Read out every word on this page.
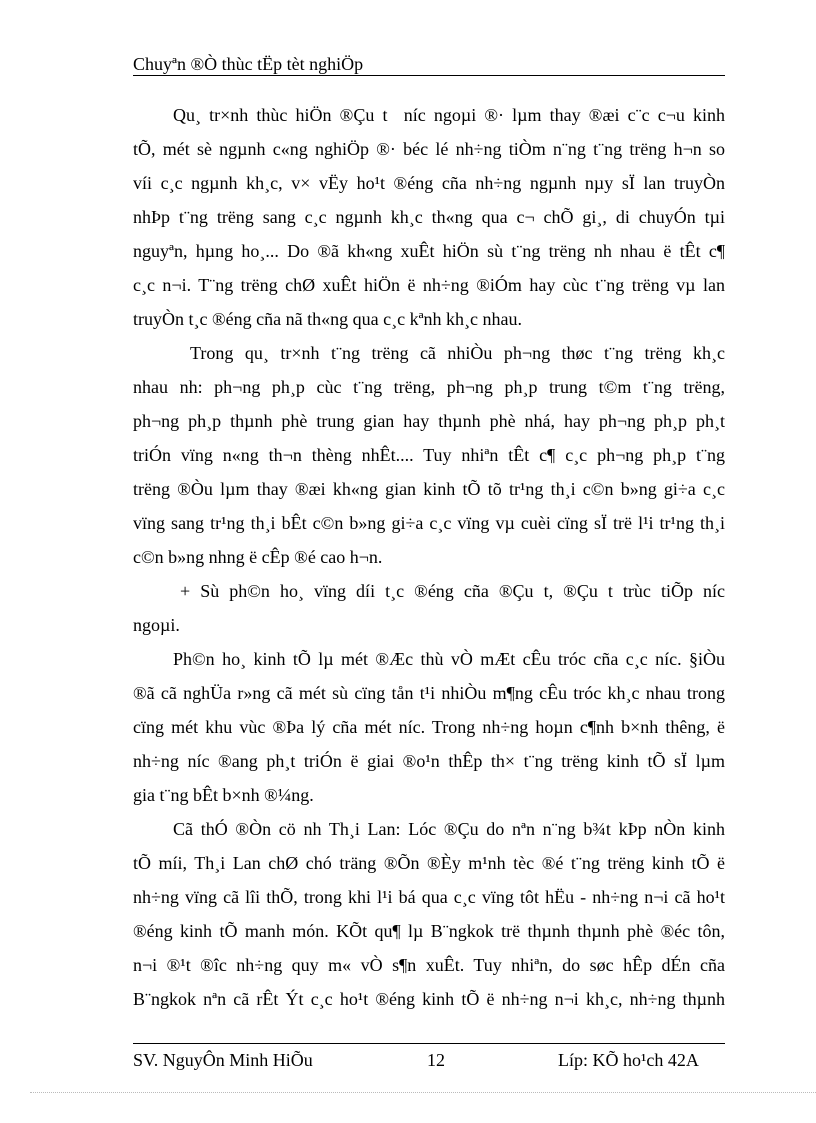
Chuyªn ®Ò thùc tËp tèt nghiÖp
Qu¸ tr×nh thùc hiÖn ®Çu t  níc ngoµi ®· lµm thay ®æi c¨c c¬u kinh
tÕ, mét sè ngµnh c«ng nghiÖp ®· béc lé nh÷ng tiÒm n¨ng t¨ng trëng h¬n so
víi c¸c ngµnh kh¸c, v× vËy ho¹t ®éng cña nh÷ng ngµnh nµy sÏ lan truyÒn
nhÞp t¨ng trëng sang c¸c ngµnh kh¸c th«ng qua c¬ chÕ gi¸, di chuyÓn tµi
nguyªn, hµng ho¸... Do ®ã kh«ng xuÊt hiÖn sù t¨ng trëng nh nhau ë tÊt c¶
c¸c n¬i. T¨ng trëng chØ xuÊt hiÖn ë nh÷ng ®iÓm hay cùc t¨ng trëng vµ lan
truyÒn t¸c ®éng cña nã th«ng qua c¸c kªnh kh¸c nhau.
Trong qu¸ tr×nh t¨ng trëng cã nhiÒu ph¬ng thøc t¨ng trëng kh¸c
nhau nh: ph¬ng ph¸p cùc t¨ng trëng, ph¬ng ph¸p trung t©m t¨ng trëng,
ph¬ng ph¸p thµnh phè trung gian hay thµnh phè nhá, hay ph¬ng ph¸p ph¸t
triÓn vïng n«ng th¬n thèng nhÊt.... Tuy nhiªn tÊt c¶ c¸c ph¬ng ph¸p t¨ng
trëng ®Òu lµm thay ®æi kh«ng gian kinh tÕ tõ tr¹ng th¸i c©n b»ng gi÷a c¸c
vïng sang tr¹ng th¸i bÊt c©n b»ng gi÷a c¸c vïng vµ cuèi cïng sÏ trë l¹i tr¹ng th¸i
c©n b»ng nhng ë cÊp ®é cao h¬n.
+ Sù ph©n ho¸ vïng díi t¸c ®éng cña ®Çu t, ®Çu t trùc tiÕp níc
ngoµi.
Ph©n ho¸ kinh tÕ lµ mét ®Æc thù vÒ mÆt cÊu tróc cña c¸c níc. §iÒu
®ã cã nghÜa r»ng cã mét sù cïng tån t¹i nhiÒu m¶ng cÊu tróc kh¸c nhau trong
cïng mét khu vùc ®Þa lý cña mét níc. Trong nh÷ng hoµn c¶nh b×nh thêng, ë
nh÷ng níc ®ang ph¸t triÓn ë giai ®o¹n thÊp th× t¨ng trëng kinh tÕ sÏ lµm
gia t¨ng bÊt b×nh ®¼ng.
Cã thÓ ®Òn cö nh Th¸i Lan: Lóc ®Çu do nªn n¨ng b¾t kÞp nÒn kinh
tÕ míi, Th¸i Lan chØ chó träng ®Õn ®Èy m¹nh tèc ®é t¨ng trëng kinh tÕ ë
nh÷ng vïng cã lîi thÕ, trong khi l¹i bá qua c¸c vïng tôt hËu - nh÷ng n¬i cã ho¹t
®éng kinh tÕ manh món. KÕt qu¶ lµ B¨ngkok trë thµnh thµnh phè ®éc tôn,
n¬i ®¹t ®îc nh÷ng quy m« vÒ s¶n xuÊt. Tuy nhiªn, do søc hÊp dÉn cña
B¨ngkok nªn cã rÊt Ýt c¸c ho¹t ®éng kinh tÕ ë nh÷ng n¬i kh¸c, nh÷ng thµnh
SV. NguyÔn Minh HiÕu	12	Líp: KÕ ho¹ch 42A
